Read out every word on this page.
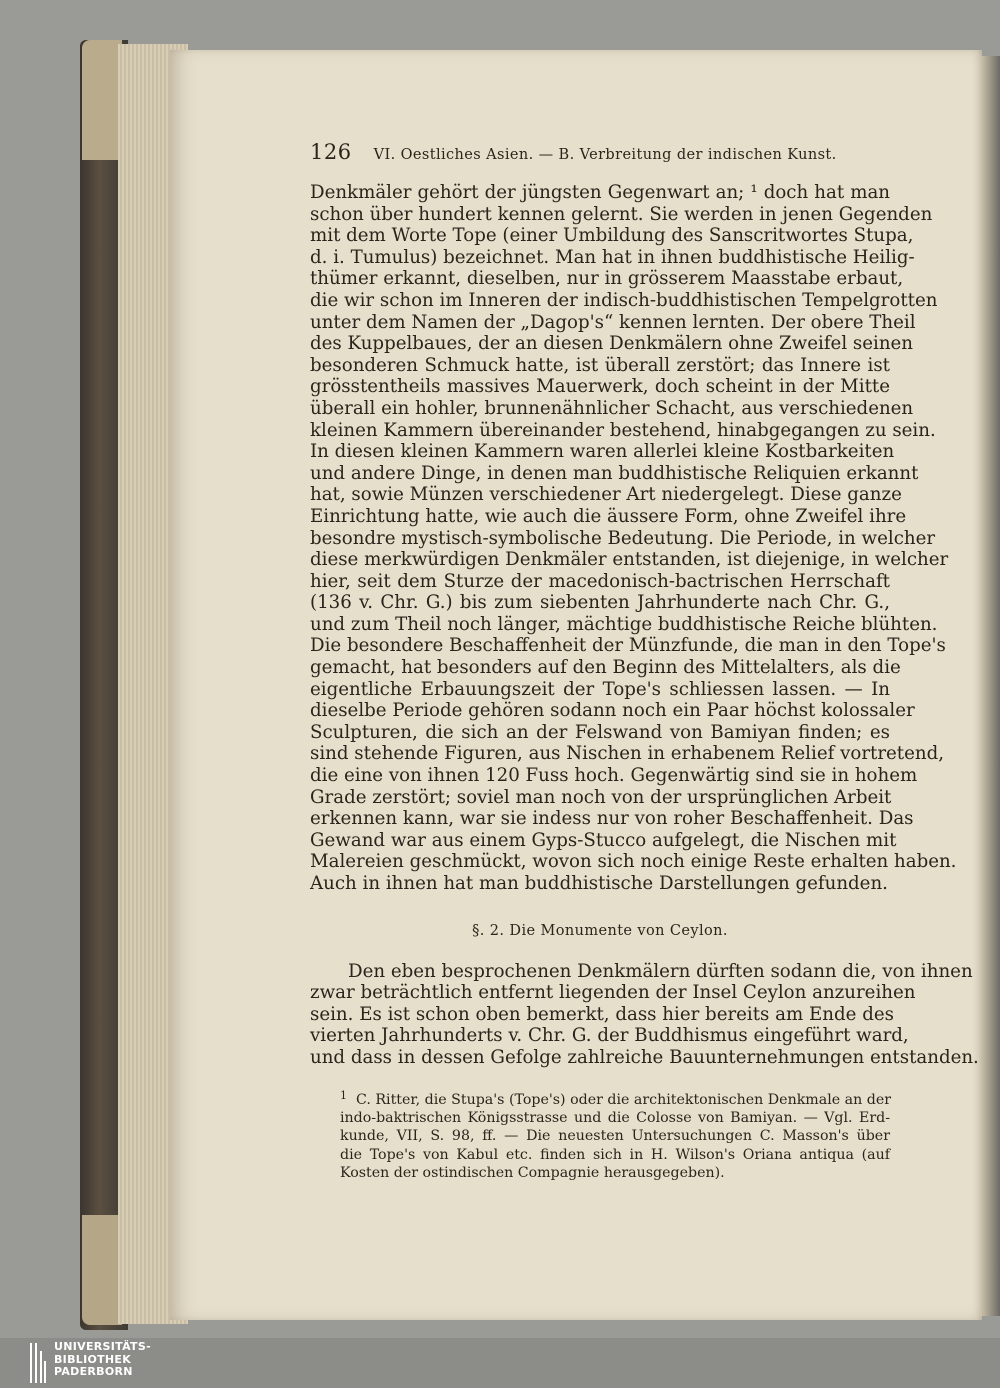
126 VI. Oestliches Asien. — B. Verbreitung der indischen Kunst.
Denkmäler gehört der jüngsten Gegenwart an; ¹ doch hat man
schon über hundert kennen gelernt. Sie werden in jenen Gegenden
mit dem Worte Tope (einer Umbildung des Sanscritwortes Stupa,
d. i. Tumulus) bezeichnet. Man hat in ihnen buddhistische Heilig-
thümer erkannt, dieselben, nur in grösserem Maasstabe erbaut,
die wir schon im Inneren der indisch-buddhistischen Tempelgrotten
unter dem Namen der „Dagop's“ kennen lernten. Der obere Theil
des Kuppelbaues, der an diesen Denkmälern ohne Zweifel seinen
besonderen Schmuck hatte, ist überall zerstört; das Innere ist
grösstentheils massives Mauerwerk, doch scheint in der Mitte
überall ein hohler, brunnenähnlicher Schacht, aus verschiedenen
kleinen Kammern übereinander bestehend, hinabgegangen zu sein.
In diesen kleinen Kammern waren allerlei kleine Kostbarkeiten
und andere Dinge, in denen man buddhistische Reliquien erkannt
hat, sowie Münzen verschiedener Art niedergelegt. Diese ganze
Einrichtung hatte, wie auch die äussere Form, ohne Zweifel ihre
besondre mystisch-symbolische Bedeutung. Die Periode, in welcher
diese merkwürdigen Denkmäler entstanden, ist diejenige, in welcher
hier, seit dem Sturze der macedonisch-bactrischen Herrschaft
(136 v. Chr. G.) bis zum siebenten Jahrhunderte nach Chr. G.,
und zum Theil noch länger, mächtige buddhistische Reiche blühten.
Die besondere Beschaffenheit der Münzfunde, die man in den Tope's
gemacht, hat besonders auf den Beginn des Mittelalters, als die
eigentliche Erbauungszeit der Tope's schliessen lassen. — In
dieselbe Periode gehören sodann noch ein Paar höchst kolossaler
Sculpturen, die sich an der Felswand von Bamiyan finden; es
sind stehende Figuren, aus Nischen in erhabenem Relief vortretend,
die eine von ihnen 120 Fuss hoch. Gegenwärtig sind sie in hohem
Grade zerstört; soviel man noch von der ursprünglichen Arbeit
erkennen kann, war sie indess nur von roher Beschaffenheit. Das
Gewand war aus einem Gyps-Stucco aufgelegt, die Nischen mit
Malereien geschmückt, wovon sich noch einige Reste erhalten haben.
Auch in ihnen hat man buddhistische Darstellungen gefunden.
§. 2. Die Monumente von Ceylon.
Den eben besprochenen Denkmälern dürften sodann die, von ihnen
zwar beträchtlich entfernt liegenden der Insel Ceylon anzureihen
sein. Es ist schon oben bemerkt, dass hier bereits am Ende des
vierten Jahrhunderts v. Chr. G. der Buddhismus eingeführt ward,
und dass in dessen Gefolge zahlreiche Bauunternehmungen entstanden.
1 C. Ritter, die Stupa's (Tope's) oder die architektonischen Denkmale an der
indo-baktrischen Königsstrasse und die Colosse von Bamiyan. — Vgl. Erd-
kunde, VII, S. 98, ff. — Die neuesten Untersuchungen C. Masson's über
die Tope's von Kabul etc. finden sich in H. Wilson's Oriana antiqua (auf
Kosten der ostindischen Compagnie herausgegeben).
UNIVERSITÄTS-
BIBLIOTHEK
PADERBORN
